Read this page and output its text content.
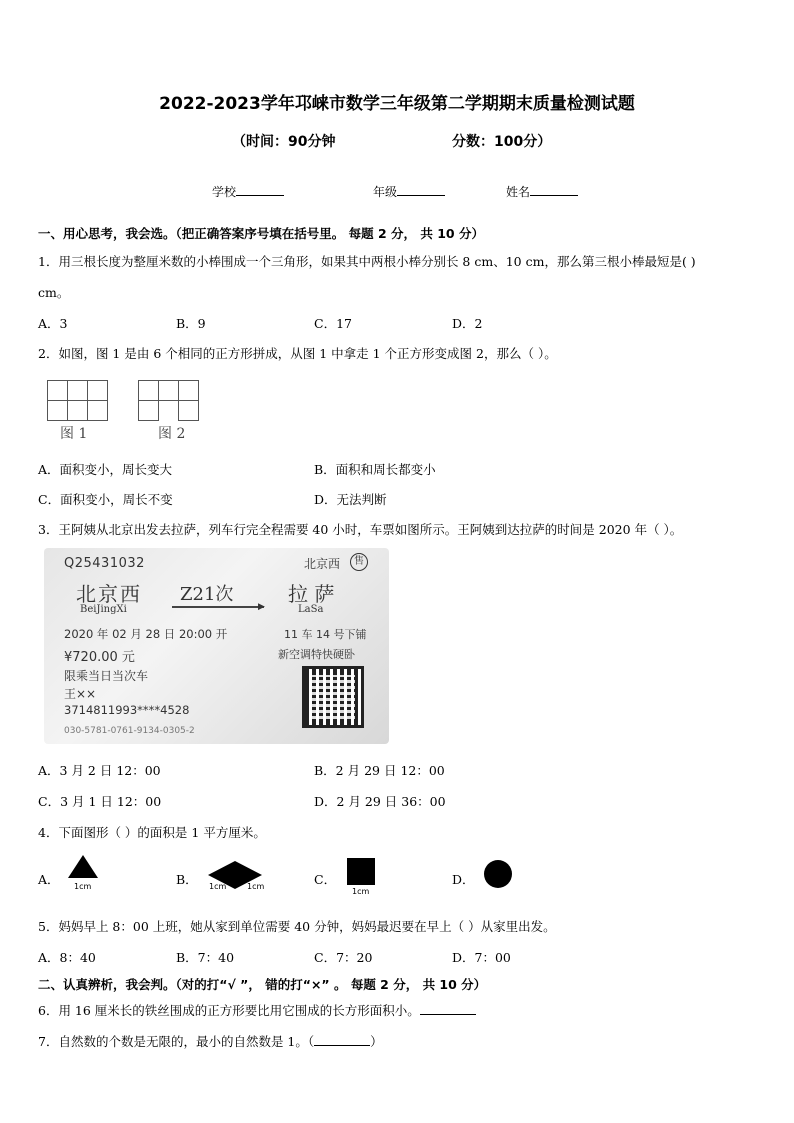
2022-2023学年邛崃市数学三年级第二学期期末质量检测试题
（时间：90分钟	分数：100分）
学校	年级	姓名
一、用心思考，我会选。（把正确答案序号填在括号里。 每题 2 分， 共 10 分）
1．用三根长度为整厘米数的小棒围成一个三角形，如果其中两根小棒分别长 8 cm、10 cm，那么第三根小棒最短是( )
cm。
A．3	B．9	C．17	D．2
2．如图，图 1 是由 6 个相同的正方形拼成，从图 1 中拿走 1 个正方形变成图 2，那么（ ）。
图 1	图 2
A．面积变小，周长变大	B．面积和周长都变小
C．面积变小，周长不变	D．无法判断
3．王阿姨从北京出发去拉萨，列车行完全程需要 40 小时，车票如图所示。王阿姨到达拉萨的时间是 2020 年（ ）。
Q25431032	北京西	售
北京西
BeiJingXi
Z21次
▶
拉 萨
LaSa
2020 年 02 月 28 日 20:00 开	11 车 14 号下铺
¥720.00 元	新空调特快硬卧
限乘当日当次车
王××
3714811993****4528
030-5781-0761-9134-0305-2
A．3 月 2 日 12：00	B．2 月 29 日 12：00
C．3 月 1 日 12：00	D．2 月 29 日 36：00
4．下面图形（ ）的面积是 1 平方厘米。
A． 1cm	B． 1cm	1cm	C．
1cm
D．
5．妈妈早上 8：00 上班，她从家到单位需要 40 分钟，妈妈最迟要在早上（ ）从家里出发。
A．8：40	B．7：40	C．7：20	D．7：00
二、认真辨析，我会判。（对的打“√ ”， 错的打“×” 。 每题 2 分， 共 10 分）
6．用 16 厘米长的铁丝围成的正方形要比用它围成的长方形面积小。
7．自然数的个数是无限的，最小的自然数是 1。（	）
